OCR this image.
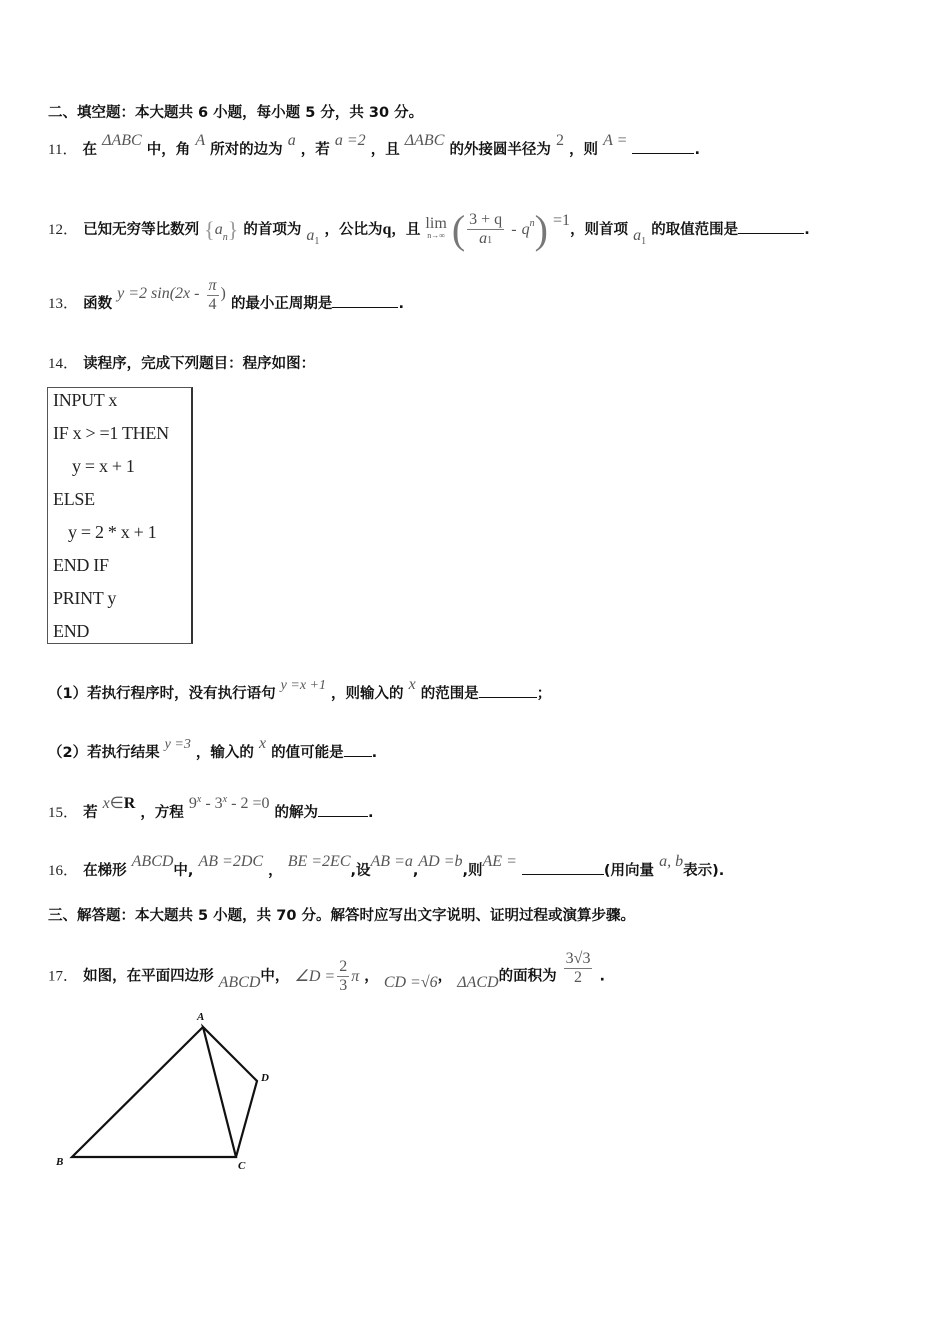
二、填空题：本大题共 6 小题，每小题 5 分，共 30 分。
11． 在 ΔABC 中，角 A 所对的边为 a ，若 a =2 ，且 ΔABC 的外接圆半径为 2 ，则 A = .
12． 已知无穷等比数列 $\{a_n\}$ 的首项为 $a_1$ ，公比为q，且 lim
n→∞ ( $\frac{3 + q}{a1} - q^n) =1$，则首项 $a_1$ 的取值范围是	.
13． 函数 y =2 $\sin(2x - \frac{\pi}{4}$ ) 的最小正周期是	.
14． 读程序，完成下列题目：程序如图：
INPUT x
IF x > =1 THEN
y = x + 1
ELSE
y = 2 * x + 1
END IF
PRINT y
END
（1）若执行程序时，没有执行语句 y =x +1 ，则输入的 x 的范围是	；
（2）若执行结果 y =3 ，输入的 x 的值可能是 .
15． 若 x∈R ，方程 9$^x$ - 3$^x$ - 2 =0 的解为	.
16． 在梯形 ABCD中, AB =2DC ， BE =2EC,设AB =a,AD =b,则AE = (用向量 a, b表示).
三、解答题：本大题共 5 小题，共 70 分。解答时应写出文字说明、证明过程或演算步骤。
17． 如图，在平面四边形 ABCD中， ∠D = $\frac{2}{3}$ π ， CD =√6， ΔACD的面积为 $\frac{3√3}{2}$ .
A
D
B	C
